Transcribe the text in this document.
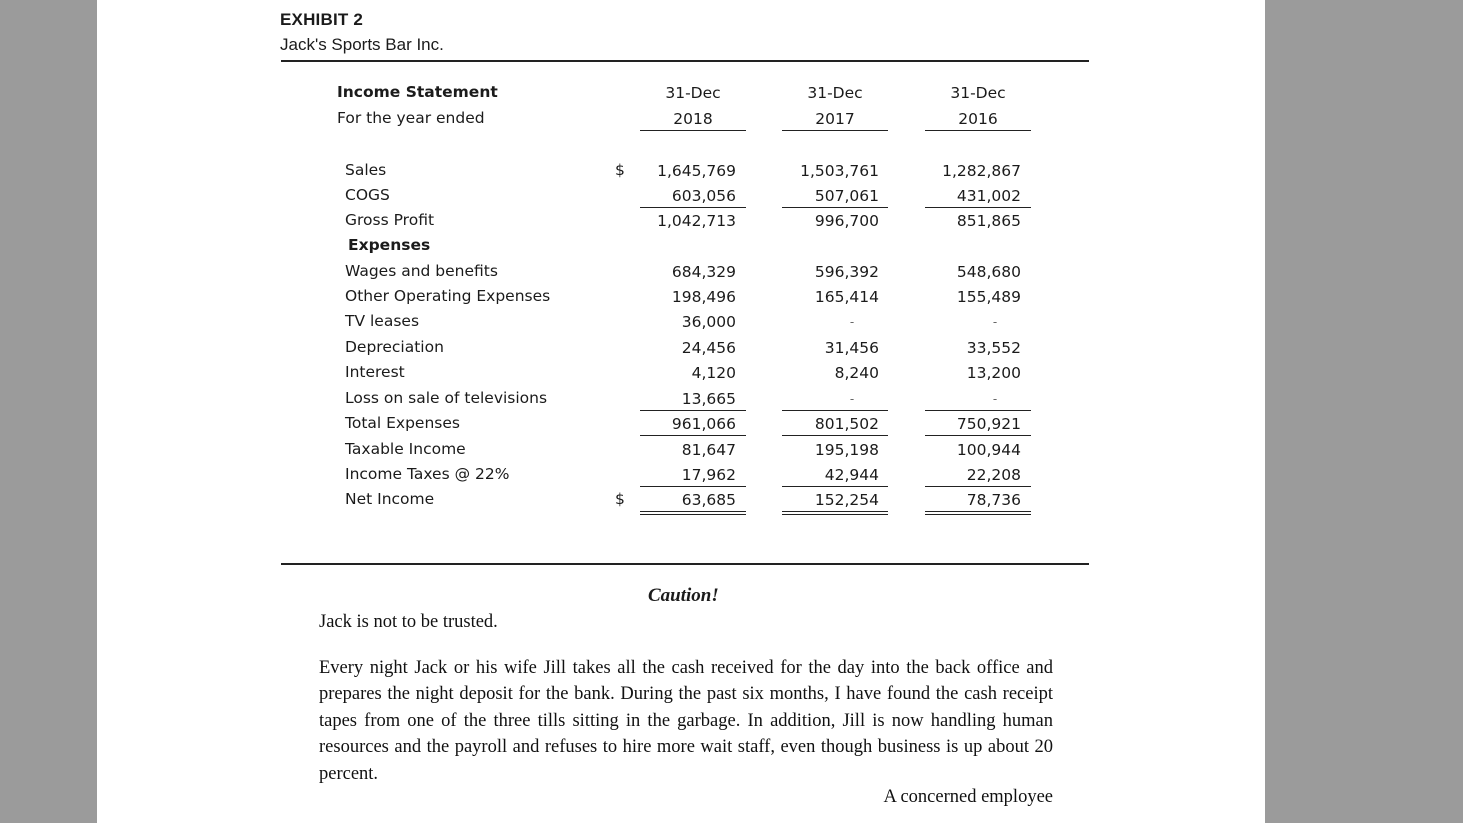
EXHIBIT 2
Jack's Sports Bar Inc.
Income Statement
For the year ended
31-Dec	31-Dec	31-Dec
2018	2017	2016
Sales	$	1,645,769	1,503,761	1,282,867
COGS	603,056	507,061	431,002
Gross Profit	1,042,713	996,700	851,865
Expenses
Wages and benefits	684,329	596,392	548,680
Other Operating Expenses	198,496	165,414	155,489
TV leases	36,000	-	-
Depreciation	24,456	31,456	33,552
Interest	4,120	8,240	13,200
Loss on sale of televisions	13,665	-	-
Total Expenses	961,066	801,502	750,921
Taxable Income	81,647	195,198	100,944
Income Taxes @ 22%	17,962	42,944	22,208
Net Income	$	63,685	152,254	78,736
Caution!
Jack is not to be trusted.
Every night Jack or his wife Jill takes all the cash received for the day into the back office and prepares the night deposit for the bank. During the past six months, I have found the cash receipt tapes from one of the three tills sitting in the garbage. In addition, Jill is now handling human resources and the payroll and refuses to hire more wait staff, even though business is up about 20 percent.
A concerned employee
